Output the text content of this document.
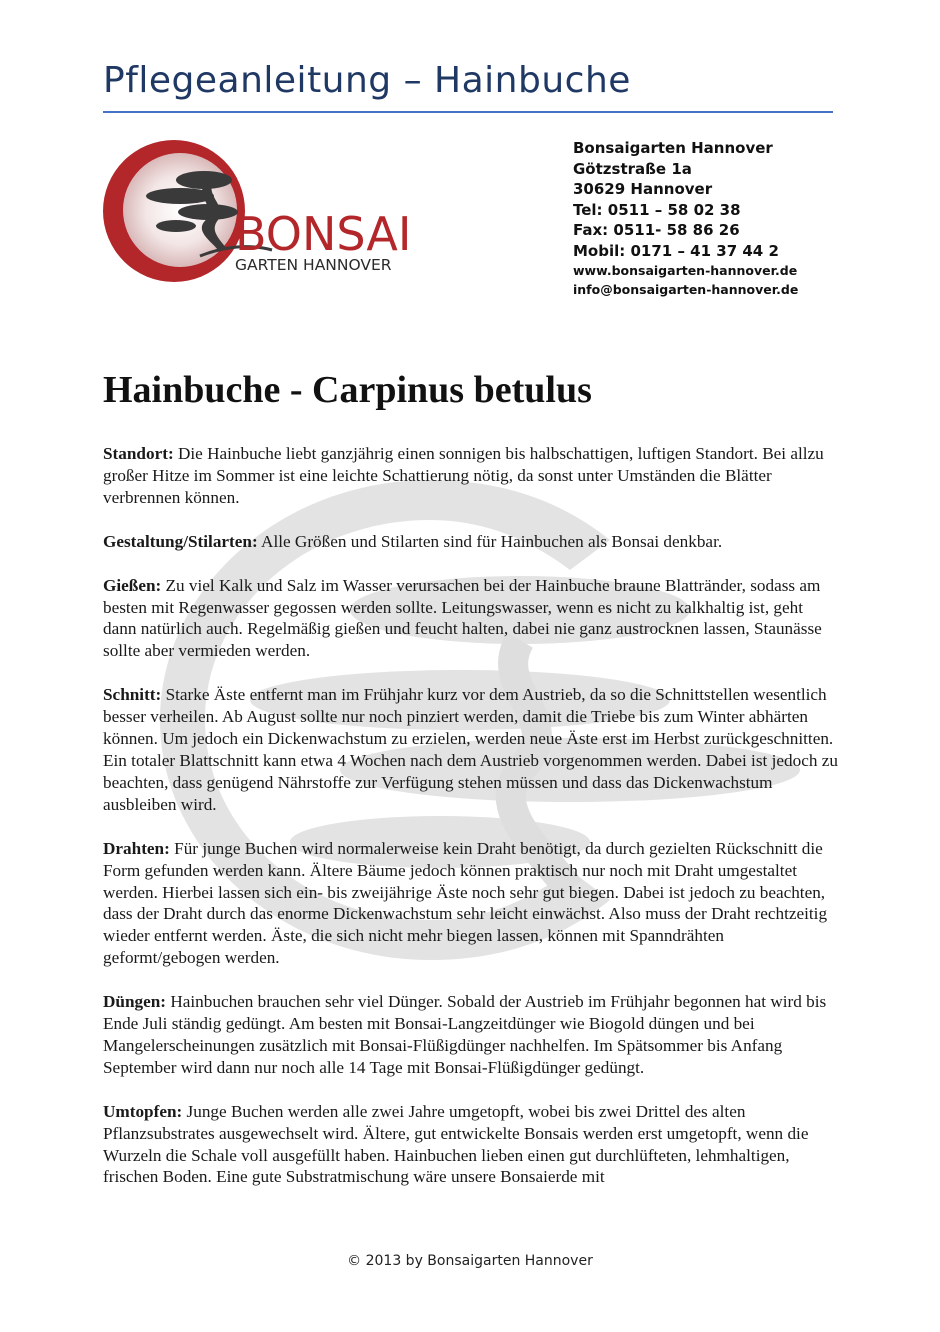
Pflegeanleitung – Hainbuche
BONSAI
GARTEN HANNOVER
Bonsaigarten Hannover
Götzstraße 1a
30629 Hannover
Tel: 0511 – 58 02 38
Fax: 0511- 58 86 26
Mobil: 0171 – 41 37 44 2
www.bonsaigarten-hannover.de
info@bonsaigarten-hannover.de
Hainbuche - Carpinus betulus

Standort: Die Hainbuche liebt ganzjährig einen sonnigen bis halbschattigen, luftigen Standort. Bei allzu großer Hitze im Sommer ist eine leichte Schattierung nötig, da sonst unter Umständen die Blätter verbrennen können.

Gestaltung/Stilarten: Alle Größen und Stilarten sind für Hainbuchen als Bonsai denkbar.

Gießen: Zu viel Kalk und Salz im Wasser verursachen bei der Hainbuche braune Blattränder, sodass am besten mit Regenwasser gegossen werden sollte. Leitungswasser, wenn es nicht zu kalkhaltig ist, geht dann natürlich auch. Regelmäßig gießen und feucht halten, dabei nie ganz austrocknen lassen, Staunässe sollte aber vermieden werden.

Schnitt: Starke Äste entfernt man im Frühjahr kurz vor dem Austrieb, da so die Schnittstellen wesentlich besser verheilen. Ab August sollte nur noch pinziert werden, damit die Triebe bis zum Winter abhärten können. Um jedoch ein Dickenwachstum zu erzielen, werden neue Äste erst im Herbst zurückgeschnitten. Ein totaler Blattschnitt kann etwa 4 Wochen nach dem Austrieb vorgenommen werden. Dabei ist jedoch zu beachten, dass genügend Nährstoffe zur Verfügung stehen müssen und dass das Dickenwachstum ausbleiben wird.

Drahten: Für junge Buchen wird normalerweise kein Draht benötigt, da durch gezielten Rückschnitt die Form gefunden werden kann. Ältere Bäume jedoch können praktisch nur noch mit Draht umgestaltet werden. Hierbei lassen sich ein- bis zweijährige Äste noch sehr gut biegen. Dabei ist jedoch zu beachten, dass der Draht durch das enorme Dickenwachstum sehr leicht einwächst. Also muss der Draht rechtzeitig wieder entfernt werden. Äste, die sich nicht mehr biegen lassen, können mit Spanndrähten geformt/gebogen werden.

Düngen: Hainbuchen brauchen sehr viel Dünger. Sobald der Austrieb im Frühjahr begonnen hat wird bis Ende Juli ständig gedüngt. Am besten mit Bonsai-Langzeitdünger wie Biogold düngen und bei Mangelerscheinungen zusätzlich mit Bonsai-Flüßigdünger nachhelfen. Im Spätsommer bis Anfang September wird dann nur noch alle 14 Tage mit Bonsai-Flüßigdünger gedüngt.

Umtopfen: Junge Buchen werden alle zwei Jahre umgetopft, wobei bis zwei Drittel des alten Pflanzsubstrates ausgewechselt wird. Ältere, gut entwickelte Bonsais werden erst umgetopft, wenn die Wurzeln die Schale voll ausgefüllt haben. Hainbuchen lieben einen gut durchlüfteten, lehmhaltigen, frischen Boden. Eine gute Substratmischung wäre unsere Bonsaierde mit

© 2013 by Bonsaigarten Hannover
